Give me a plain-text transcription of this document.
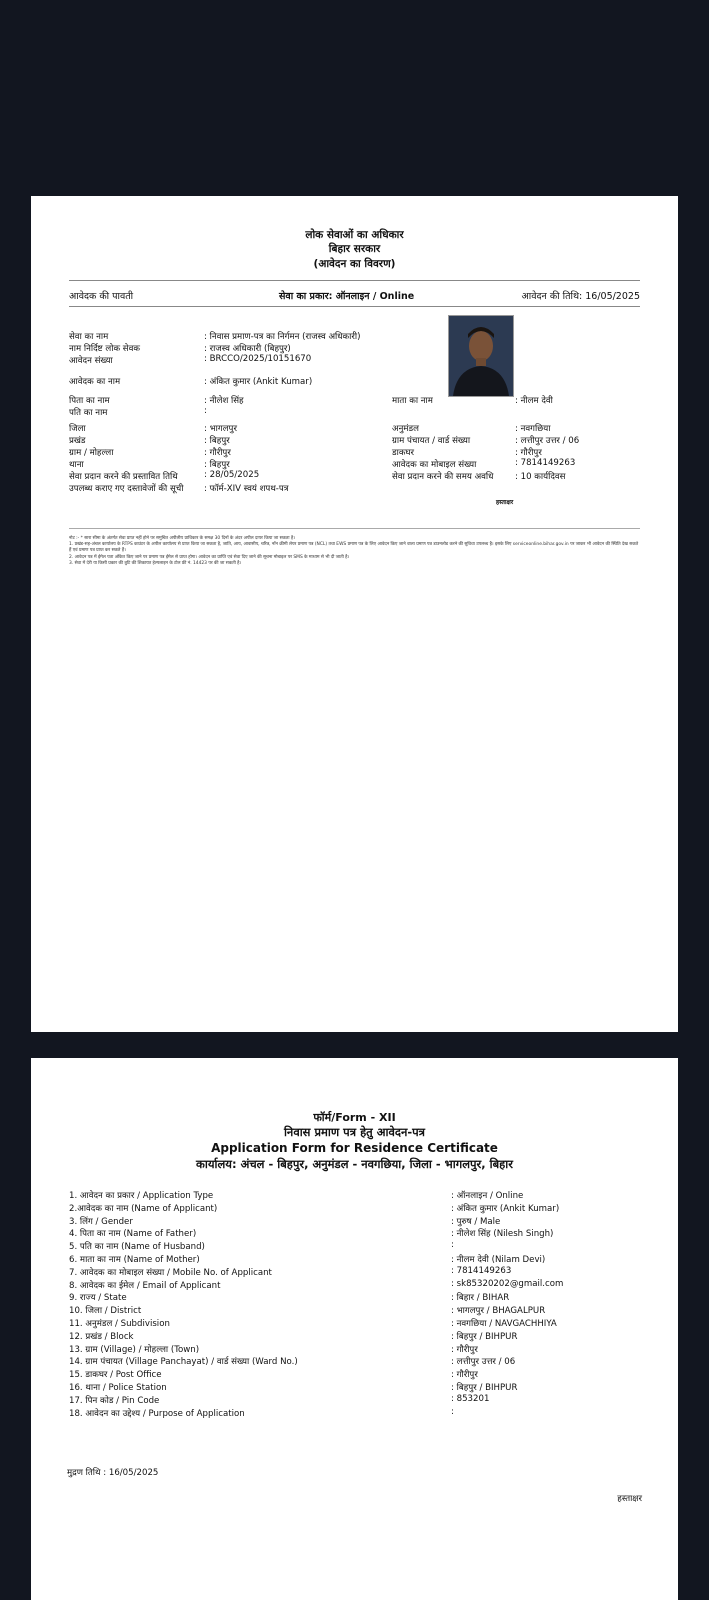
लोक सेवाओं का अधिकार
बिहार सरकार
(आवेदन का विवरण)
आवेदक की पावती	सेवा का प्रकार: ऑनलाइन / Online	आवेदन की तिथि: 16/05/2025
सेवा का नाम	: निवास प्रमाण-पत्र का निर्गमन (राजस्व अधिकारी)
नाम निर्दिष्ट लोक सेवक	: राजस्व अधिकारी (बिहपुर)
आवेदन संख्या	: BRCCO/2025/10151670
आवेदक का नाम	: अंकित कुमार (Ankit Kumar)
पिता का नाम	: नीलेश सिंह	माता का नाम	: नीलम देवी
पति का नाम	:
जिला	: भागलपुर	अनुमंडल	: नवगछिया
प्रखंड	: बिहपुर	ग्राम पंचायत / वार्ड संख्या	: लत्तीपुर उत्तर / 06
ग्राम / मोहल्ला	: गौरीपुर	डाकघर	: गौरीपुर
थाना	: बिहपुर	आवेदक का मोबाइल संख्या	: 7814149263
सेवा प्रदान करने की प्रस्तावित तिथि	: 28/05/2025	सेवा प्रदान करने की समय अवधि	: 10 कार्यदिवस
उपलब्ध कराए गए दस्तावेजों की सूची : फॉर्म-XIV स्वयं शपथ-पत्र
हस्ताक्षर
नोट :- * सारा सीमा के अंतर्गत सेवा प्राप्त नहीं होने पर समुचित अपीलीय प्राधिकार के समक्ष 30 दिनों के अंदर अपील दायर किया जा सकता है।
1. प्रखंड-सह-अंचल कार्यालय के RTPS काउंटर के अपील कार्यालय से प्राप्त किया जा सकता है, जाति, आय, आवासीय, चरित्र, नॉन क्रीमी लेयर प्रमाण पत्र (NCL) तथा EWS प्रमाण पत्र के लिए आवेदन किए जाने वाला प्रमाण पत्र डाउनलोड करने की सुविधा उपलब्ध है। इसके लिए serviceonline.bihar.gov.in पर जाकर भी आवेदन की स्थिति देख सकते हैं एवं प्रमाण पत्र प्राप्त कर सकते हैं।
2. आवेदन पत्र में ईमेल पता अंकित किए जाने पर प्रमाण पत्र ईमेल से प्राप्त होगा। आवेदन का प्राप्ति एवं सेवा दिए जाने की सूचना मोबाइल पर SMS के माध्यम से भी दी जाती है।
3. सेवा में देरी या किसी प्रकार की त्रुटि की शिकायत हेल्पलाइन के टोल फ्री नं. 14423 पर की जा सकती है।
फॉर्म/Form - XII
निवास प्रमाण पत्र हेतु आवेदन-पत्र
Application Form for Residence Certificate
कार्यालय: अंचल - बिहपुर, अनुमंडल - नवगछिया, जिला - भागलपुर, बिहार
1. आवेदन का प्रकार / Application Type	: ऑनलाइन / Online
2.आवेदक का नाम (Name of Applicant)	: अंकित कुमार (Ankit Kumar)
3. लिंग / Gender	: पुरुष / Male
4. पिता का नाम (Name of Father)	: नीलेश सिंह (Nilesh Singh)
5. पति का नाम (Name of Husband)	:
6. माता का नाम (Name of Mother)	: नीलम देवी (Nilam Devi)
7. आवेदक का मोबाइल संख्या / Mobile No. of Applicant	: 7814149263
8. आवेदक का ईमेल / Email of Applicant	: sk85320202@gmail.com
9. राज्य / State	: बिहार / BIHAR
10. जिला / District	: भागलपुर / BHAGALPUR
11. अनुमंडल / Subdivision	: नवगछिया / NAVGACHHIYA
12. प्रखंड / Block	: बिहपुर / BIHPUR
13. ग्राम (Village) / मोहल्ला (Town)	: गौरीपुर
14. ग्राम पंचायत (Village Panchayat) / वार्ड संख्या (Ward No.)	: लत्तीपुर उत्तर / 06
15. डाकघर / Post Office	: गौरीपुर
16. थाना / Police Station	: बिहपुर / BIHPUR
17. पिन कोड / Pin Code	: 853201
18. आवेदन का उद्देश्य / Purpose of Application	:
मुद्रण तिथि : 16/05/2025
हस्ताक्षर
